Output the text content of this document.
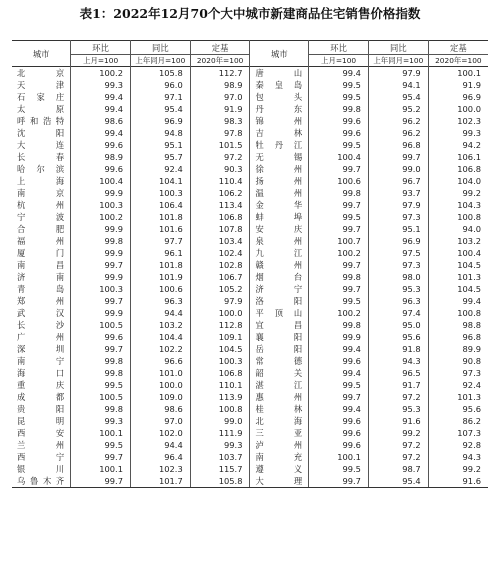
表1：2022年12月70个大中城市新建商品住宅销售价格指数
城市	环比	同比	定基	城市	环比	同比	定基
	上月=100	上年同月=100	2020年=100		上月=100	上年同月=100	2020年=100
北京	100.2	105.8	112.7	唐山	99.4	97.9	100.1
天津	99.3	96.0	98.9	秦皇岛	99.5	94.1	91.9
石家庄	99.4	97.1	97.0	包头	99.5	95.4	96.9
太原	99.4	95.4	91.9	丹东	99.8	95.2	100.0
呼和浩特	98.6	96.9	98.3	锦州	99.6	96.2	102.3
沈阳	99.4	94.8	97.8	吉林	99.6	96.2	99.3
大连	99.6	95.1	101.5	牡丹江	99.5	96.8	94.2
长春	98.9	95.7	97.2	无锡	100.4	99.7	106.1
哈尔滨	99.6	92.4	90.3	徐州	99.7	99.0	106.8
上海	100.4	104.1	110.4	扬州	100.6	96.7	104.0
南京	99.9	100.3	106.2	温州	99.8	93.7	99.2
杭州	100.3	106.4	113.4	金华	99.7	97.9	104.3
宁波	100.2	101.8	106.8	蚌埠	99.5	97.3	100.8
合肥	99.9	101.6	107.8	安庆	99.7	95.1	94.0
福州	99.8	97.7	103.4	泉州	100.7	96.9	103.2
厦门	99.9	96.1	102.4	九江	100.2	97.5	100.4
南昌	99.7	101.8	102.8	赣州	99.7	97.3	104.5
济南	99.9	101.9	106.7	烟台	99.8	98.0	101.3
青岛	100.3	100.6	105.2	济宁	99.7	95.3	104.5
郑州	99.7	96.3	97.9	洛阳	99.5	96.3	99.4
武汉	99.9	94.4	100.0	平顶山	100.2	97.4	100.8
长沙	100.5	103.2	112.8	宜昌	99.8	95.0	98.8
广州	99.6	104.4	109.1	襄阳	99.9	95.6	96.8
深圳	99.7	102.2	104.5	岳阳	99.4	91.8	89.9
南宁	99.8	96.6	100.3	常德	99.6	94.3	90.8
海口	99.8	101.0	106.8	韶关	99.4	96.5	97.3
重庆	99.5	100.0	110.1	湛江	99.5	91.7	92.4
成都	100.5	109.0	113.9	惠州	99.7	97.2	101.3
贵阳	99.8	98.6	100.8	桂林	99.4	95.3	95.6
昆明	99.3	97.0	99.0	北海	99.6	91.6	86.2
西安	100.1	102.0	111.9	三亚	99.6	99.2	107.3
兰州	99.5	94.4	99.3	泸州	99.6	97.2	92.8
西宁	99.7	96.4	103.7	南充	100.1	97.2	94.3
银川	100.1	102.3	115.7	遵义	99.5	98.7	99.2
乌鲁木齐	99.7	101.7	105.8	大理	99.7	95.4	91.6
